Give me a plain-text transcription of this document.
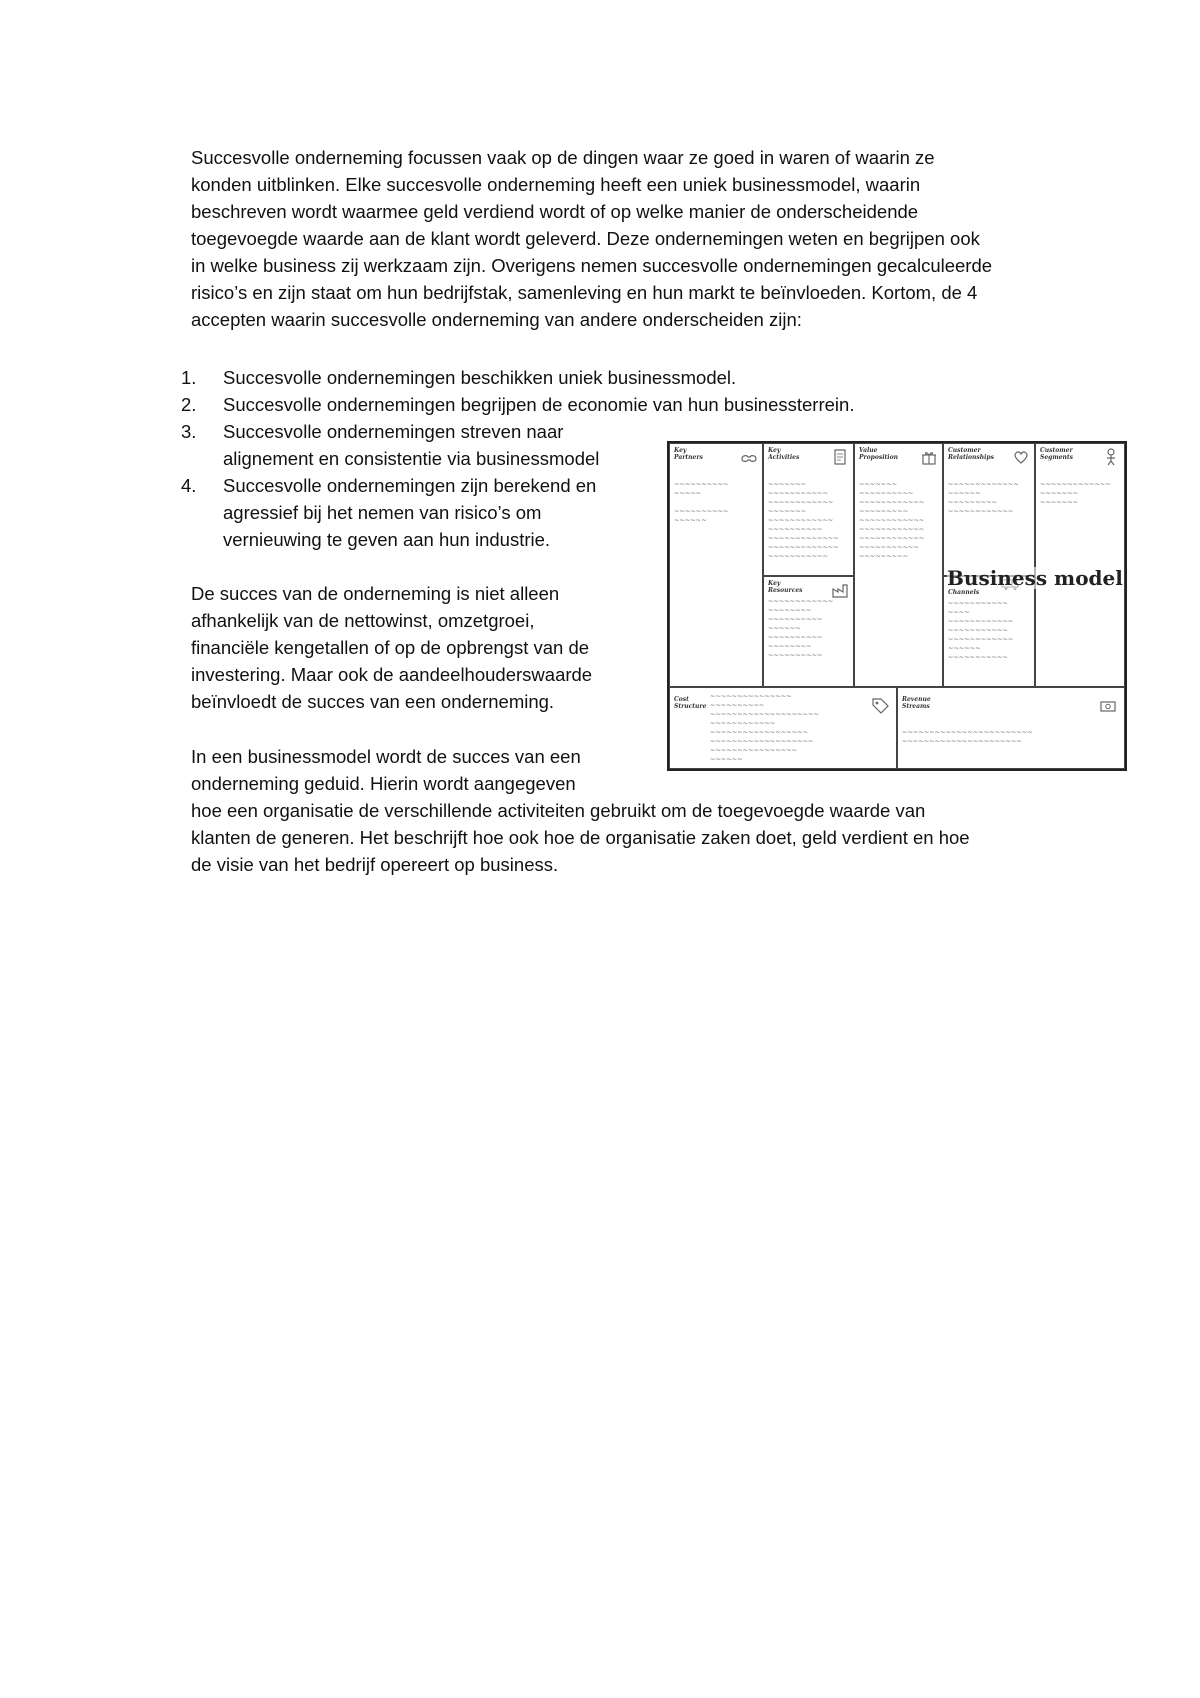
Succesvolle onderneming focussen vaak op de dingen waar ze goed in waren of waarin ze
konden uitblinken. Elke succesvolle onderneming heeft een uniek businessmodel, waarin
beschreven wordt waarmee geld verdiend wordt of op welke manier de onderscheidende
toegevoegde waarde aan de klant wordt geleverd. Deze ondernemingen weten en begrijpen ook
in welke business zij werkzaam zijn. Overigens nemen succesvolle ondernemingen gecalculeerde
risico’s en zijn staat om hun bedrijfstak, samenleving en hun markt te beïnvloeden. Kortom, de 4
accepten waarin succesvolle onderneming van andere onderscheiden zijn:
1.	Succesvolle ondernemingen beschikken uniek businessmodel.
2.	Succesvolle ondernemingen begrijpen de economie van hun businessterrein.
3.	Succesvolle ondernemingen streven naar
alignement en consistentie via businessmodel
4.	Succesvolle ondernemingen zijn berekend en
agressief bij het nemen van risico’s om
vernieuwing te geven aan hun industrie.
De succes van de onderneming is niet alleen
afhankelijk van de nettowinst, omzetgroei,
financiële kengetallen of op de opbrengst van de
investering. Maar ook de aandeelhouderswaarde
beïnvloedt de succes van een onderneming.
In een businessmodel wordt de succes van een
onderneming geduid. Hierin wordt aangegeven
hoe een organisatie de verschillende activiteiten gebruikt om de toegevoegde waarde van
klanten de generen. Het beschrijft hoe ook hoe de organisatie zaken doet, geld verdient en hoe
de visie van het bedrijf opereert op business.
Key Partners
~~~~~~~~~~
~~~~~

~~~~~~~~~~
~~~~~~
Key Activities
~~~~~~~
~~~~~~~~~~~
~~~~~~~~~~~~
~~~~~~~
~~~~~~~~~~~~
~~~~~~~~~~
~~~~~~~~~~~~~
~~~~~~~~~~~~~
~~~~~~~~~~~
Key Resources
~~~~~~~~~~~~
~~~~~~~~
~~~~~~~~~~
~~~~~~
~~~~~~~~~~
~~~~~~~~
~~~~~~~~~~
Value Proposition
~~~~~~~
~~~~~~~~~~
~~~~~~~~~~~~
~~~~~~~~~
~~~~~~~~~~~~
~~~~~~~~~~~~
~~~~~~~~~~~~
~~~~~~~~~~~
~~~~~~~~~
Customer Relationships
~~~~~~~~~~~~~
~~~~~~
~~~~~~~~~
~~~~~~~~~~~~
Channels
~~~~~~~~~~~
~~~~
~~~~~~~~~~~~
~~~~~~~~~~~
~~~~~~~~~~~~
~~~~~~
~~~~~~~~~~~
Customer Segments
~~~~~~~~~~~~~
~~~~~~~
~~~~~~~
Cost Structure
~~~~~~~~~~~~~~~
~~~~~~~~~~
~~~~~~~~~~~~~~~~~~~~
~~~~~~~~~~~~
~~~~~~~~~~~~~~~~~~
~~~~~~~~~~~~~~~~~~~
~~~~~~~~~~~~~~~~
~~~~~~
Revenue Streams
~~~~~~~~~~~~~~~~~~~~~~~~
~~~~~~~~~~~~~~~~~~~~~~
Business model
